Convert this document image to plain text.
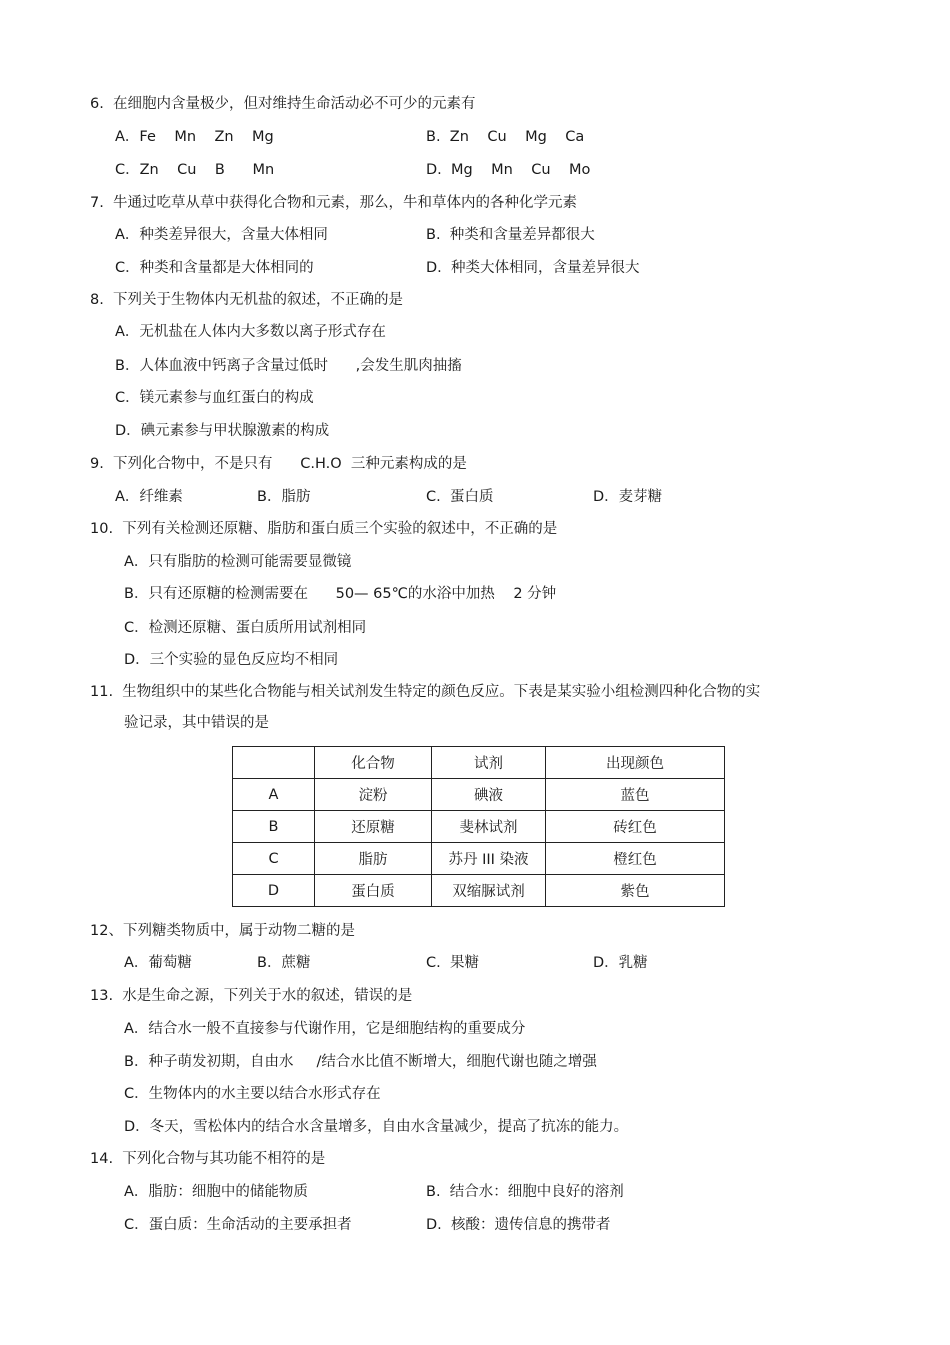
6.  在细胞内含量极少，但对维持生命活动必不可少的元素有
A．Fe    Mn    Zn    Mg	B.  Zn    Cu    Mg    Ca
C．Zn    Cu    B      Mn	D.  Mg    Mn    Cu    Mo
7.  牛通过吃草从草中获得化合物和元素，那么，牛和草体内的各种化学元素
A．种类差异很大，含量大体相同	B.  种类和含量差异都很大
C．种类和含量都是大体相同的	D.  种类大体相同，含量差异很大
8.  下列关于生物体内无机盐的叙述，不正确的是
A．无机盐在人体内大多数以离子形式存在
B．人体血液中钙离子含量过低时      ,会发生肌肉抽搐
C．镁元素参与血红蛋白的构成
D．碘元素参与甲状腺激素的构成
9.  下列化合物中，不是只有      C.H.O  三种元素构成的是
A．纤维素	B．脂肪	C.  蛋白质	D．麦芽糖
10.  下列有关检测还原糖、脂肪和蛋白质三个实验的叙述中，不正确的是
A．只有脂肪的检测可能需要显微镜
B．只有还原糖的检测需要在      50— 65℃的水浴中加热    2 分钟
C．检测还原糖、蛋白质所用试剂相同
D．三个实验的显色反应均不相同
11.  生物组织中的某些化合物能与相关试剂发生特定的颜色反应。下表是某实验小组检测四种化合物的实
验记录，其中错误的是
	化合物	试剂	出现颜色
A	淀粉	碘液	蓝色
B	还原糖	斐林试剂	砖红色
C	脂肪	苏丹 III 染液	橙红色
D	蛋白质	双缩脲试剂	紫色
12、下列糖类物质中，属于动物二糖的是
A．葡萄糖	B．蔗糖	C.  果糖	D．乳糖
13.  水是生命之源，下列关于水的叙述，错误的是
A．结合水一般不直接参与代谢作用，它是细胞结构的重要成分
B．种子萌发初期，自由水     /结合水比值不断增大，细胞代谢也随之增强
C．生物体内的水主要以结合水形式存在
D．冬天，雪松体内的结合水含量增多，自由水含量减少，提高了抗冻的能力。
14.  下列化合物与其功能不相符的是
A．脂肪：细胞中的储能物质	B.  结合水：细胞中良好的溶剂
C．蛋白质：生命活动的主要承担者	D.  核酸：遗传信息的携带者
